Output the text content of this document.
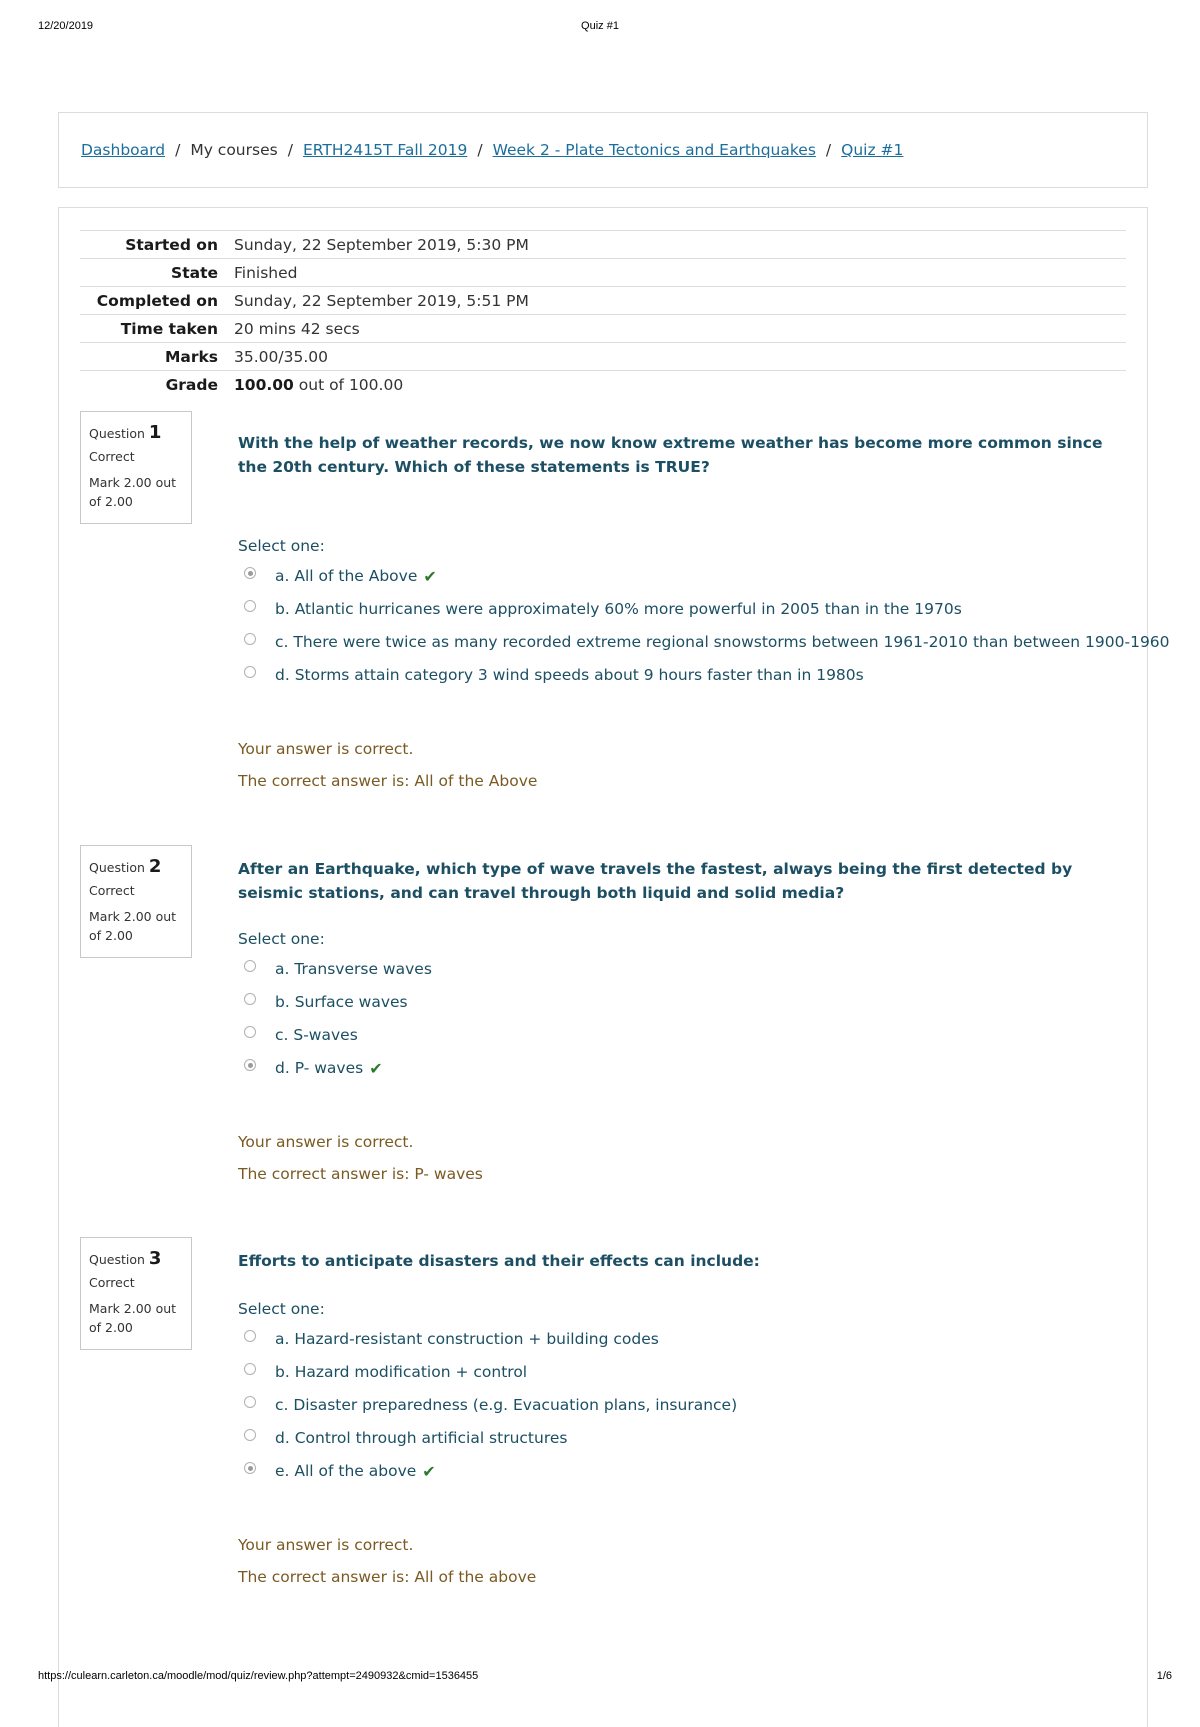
12/20/2019	Quiz #1
Dashboard / My courses / ERTH2415T Fall 2019 / Week 2 - Plate Tectonics and Earthquakes / Quiz #1
Started on	Sunday, 22 September 2019, 5:30 PM
State	Finished
Completed on	Sunday, 22 September 2019, 5:51 PM
Time taken	20 mins 42 secs
Marks	35.00/35.00
Grade	100.00 out of 100.00
Question 1
Correct
Mark 2.00 out of 2.00
With the help of weather records, we now know extreme weather has become more common since the 20th century. Which of these statements is TRUE?
Select one:
a. All of the Above ✔
b. Atlantic hurricanes were approximately 60% more powerful in 2005 than in the 1970s
c. There were twice as many recorded extreme regional snowstorms between 1961-2010 than between 1900-1960
d. Storms attain category 3 wind speeds about 9 hours faster than in 1980s
Your answer is correct.
The correct answer is: All of the Above
Question 2
Correct
Mark 2.00 out of 2.00
After an Earthquake, which type of wave travels the fastest, always being the first detected by seismic stations, and can travel through both liquid and solid media?
Select one:
a. Transverse waves
b. Surface waves
c. S-waves
d. P- waves ✔
Your answer is correct.
The correct answer is: P- waves
Question 3
Correct
Mark 2.00 out of 2.00
Efforts to anticipate disasters and their effects can include:
Select one:
a. Hazard-resistant construction + building codes
b. Hazard modification + control
c. Disaster preparedness (e.g. Evacuation plans, insurance)
d. Control through artificial structures
e. All of the above ✔
Your answer is correct.
The correct answer is: All of the above
https://culearn.carleton.ca/moodle/mod/quiz/review.php?attempt=2490932&cmid=1536455	1/6
